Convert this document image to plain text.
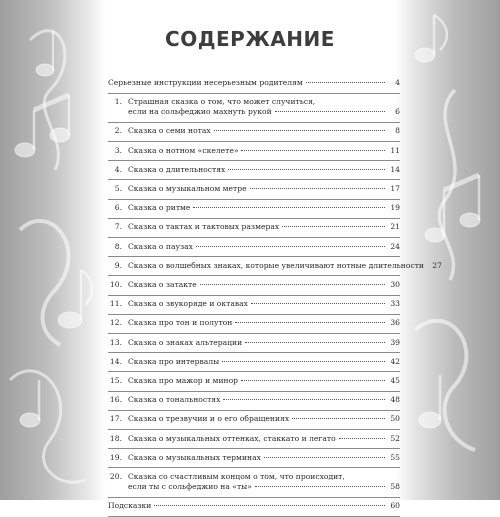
СОДЕРЖАНИЕ
Серьезные инструкции несерьезным родителям	4
1. Страшная сказка о том, что может случиться,
если на сольфеджио махнуть рукой	6
2. Сказка о семи нотах	8
3. Сказка о нотном «скелете»	11
4. Сказка о длительностях	14
5. Сказка о музыкальном метре	17
6. Сказка о ритме	19
7. Сказка о тактах и тактовых размерах	21
8. Сказка о паузах	24
9. Сказка о волшебных знаках, которые увеличивают нотные длительности	27
10. Сказка о затакте	30
11. Сказка о звукоряде и октавах	33
12. Сказка про тон и полутон	36
13. Сказка о знаках альтерации	39
14. Сказка про интервалы	42
15. Сказка про мажор и минор	45
16. Сказка о тональностях	48
17. Сказка о трезвучии и о его обращениях	50
18. Сказка о музыкальных оттенках, стаккато и легато	52
19. Сказка о музыкальных терминах	55
20. Сказка со счастливым концом о том, что происходит,
если ты с сольфеджио на «ты»	58
Подсказки	60
